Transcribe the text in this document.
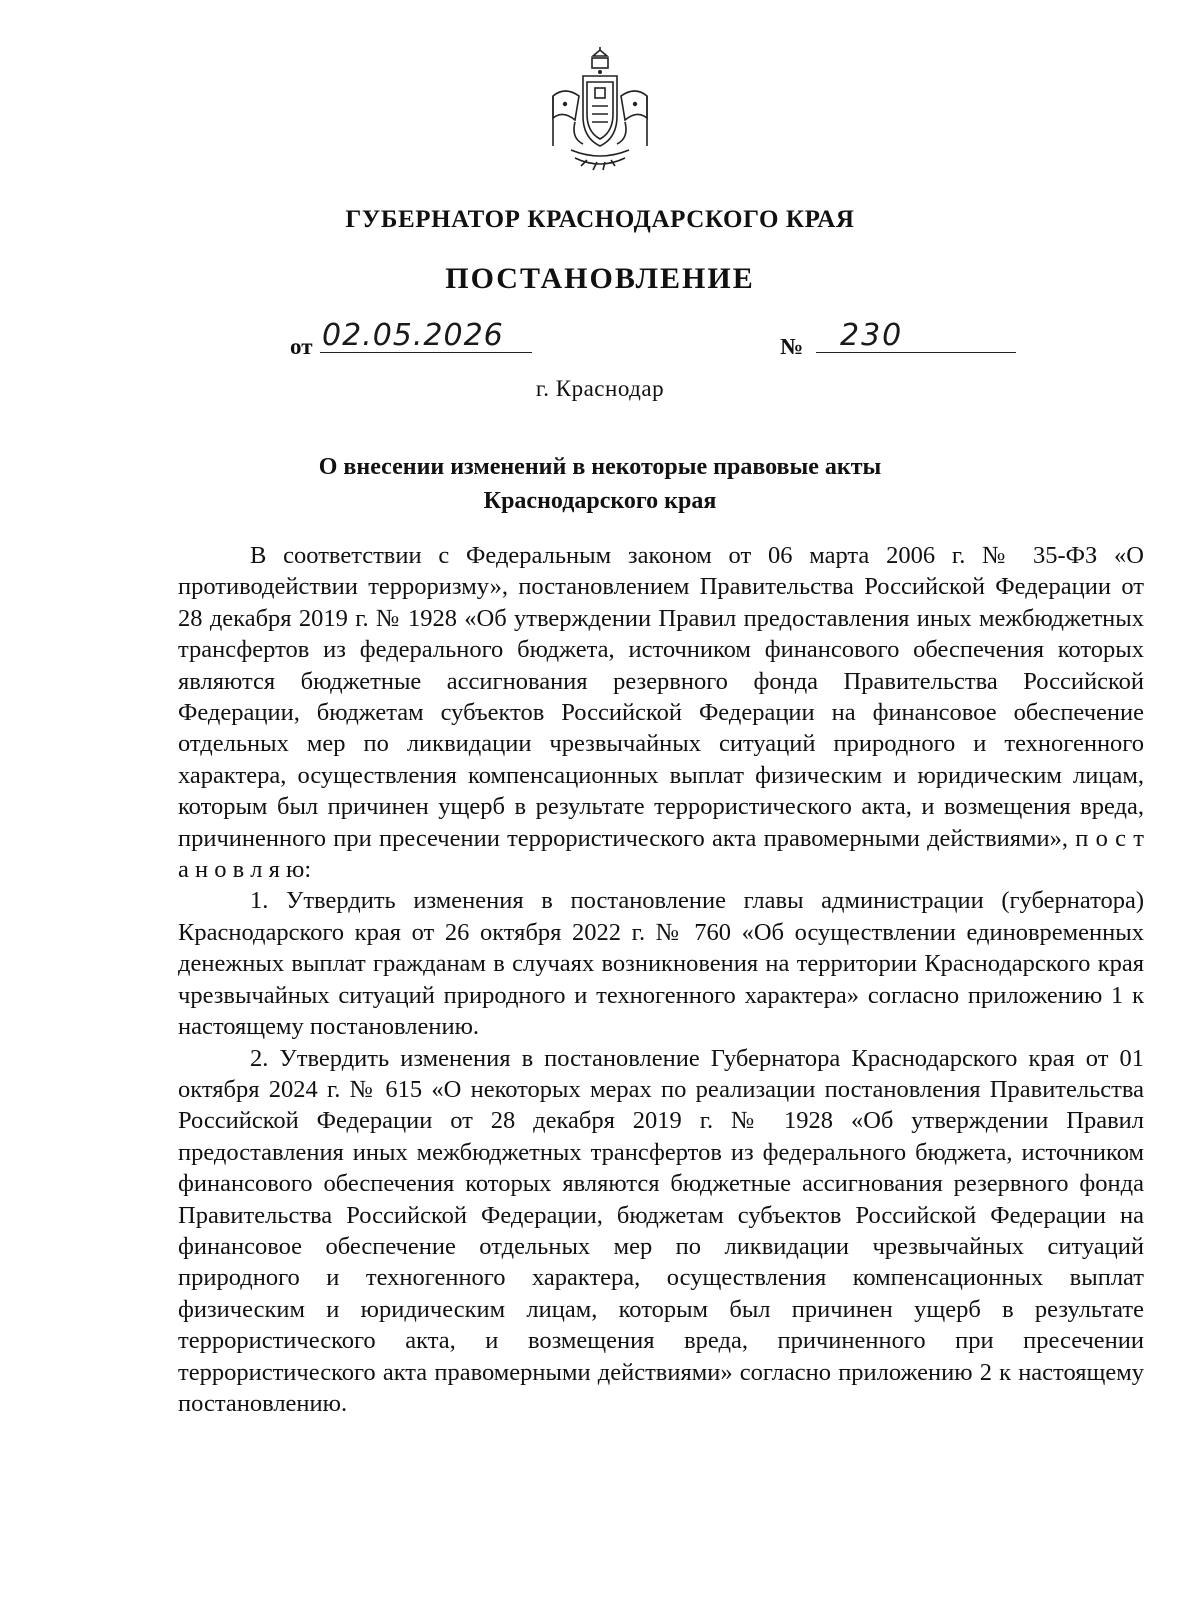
ГУБЕРНАТОР КРАСНОДАРСКОГО КРАЯ
ПОСТАНОВЛЕНИЕ
от 02.05.2026	№ 230
г. Краснодар
О внесении изменений в некоторые правовые акты
Краснодарского края

В соответствии с Федеральным законом от 06 марта 2006 г. № 35-ФЗ «О противодействии терроризму», постановлением Правительства Российской Федерации от 28 декабря 2019 г. № 1928 «Об утверждении Правил предоставления иных межбюджетных трансфертов из федерального бюджета, источником финансового обеспечения которых являются бюджетные ассигнования резервного фонда Правительства Российской Федерации, бюджетам субъектов Российской Федерации на финансовое обеспечение отдельных мер по ликвидации чрезвычайных ситуаций природного и техногенного характера, осуществления компенсационных выплат физическим и юридическим лицам, которым был причинен ущерб в результате террористического акта, и возмещения вреда, причиненного при пресечении террористического акта правомерными действиями», п о с т а н о в л я ю:

1. Утвердить изменения в постановление главы администрации (губернатора) Краснодарского края от 26 октября 2022 г. № 760 «Об осуществлении единовременных денежных выплат гражданам в случаях возникновения на территории Краснодарского края чрезвычайных ситуаций природного и техногенного характера» согласно приложению 1 к настоящему постановлению.

2. Утвердить изменения в постановление Губернатора Краснодарского края от 01 октября 2024 г. № 615 «О некоторых мерах по реализации постановления Правительства Российской Федерации от 28 декабря 2019 г. № 1928 «Об утверждении Правил предоставления иных межбюджетных трансфертов из федерального бюджета, источником финансового обеспечения которых являются бюджетные ассигнования резервного фонда Правительства Российской Федерации, бюджетам субъектов Российской Федерации на финансовое обеспечение отдельных мер по ликвидации чрезвычайных ситуаций природного и техногенного характера, осуществления компенсационных выплат физическим и юридическим лицам, которым был причинен ущерб в результате террористического акта, и возмещения вреда, причиненного при пресечении террористического акта правомерными действиями» согласно приложению 2 к настоящему постановлению.
